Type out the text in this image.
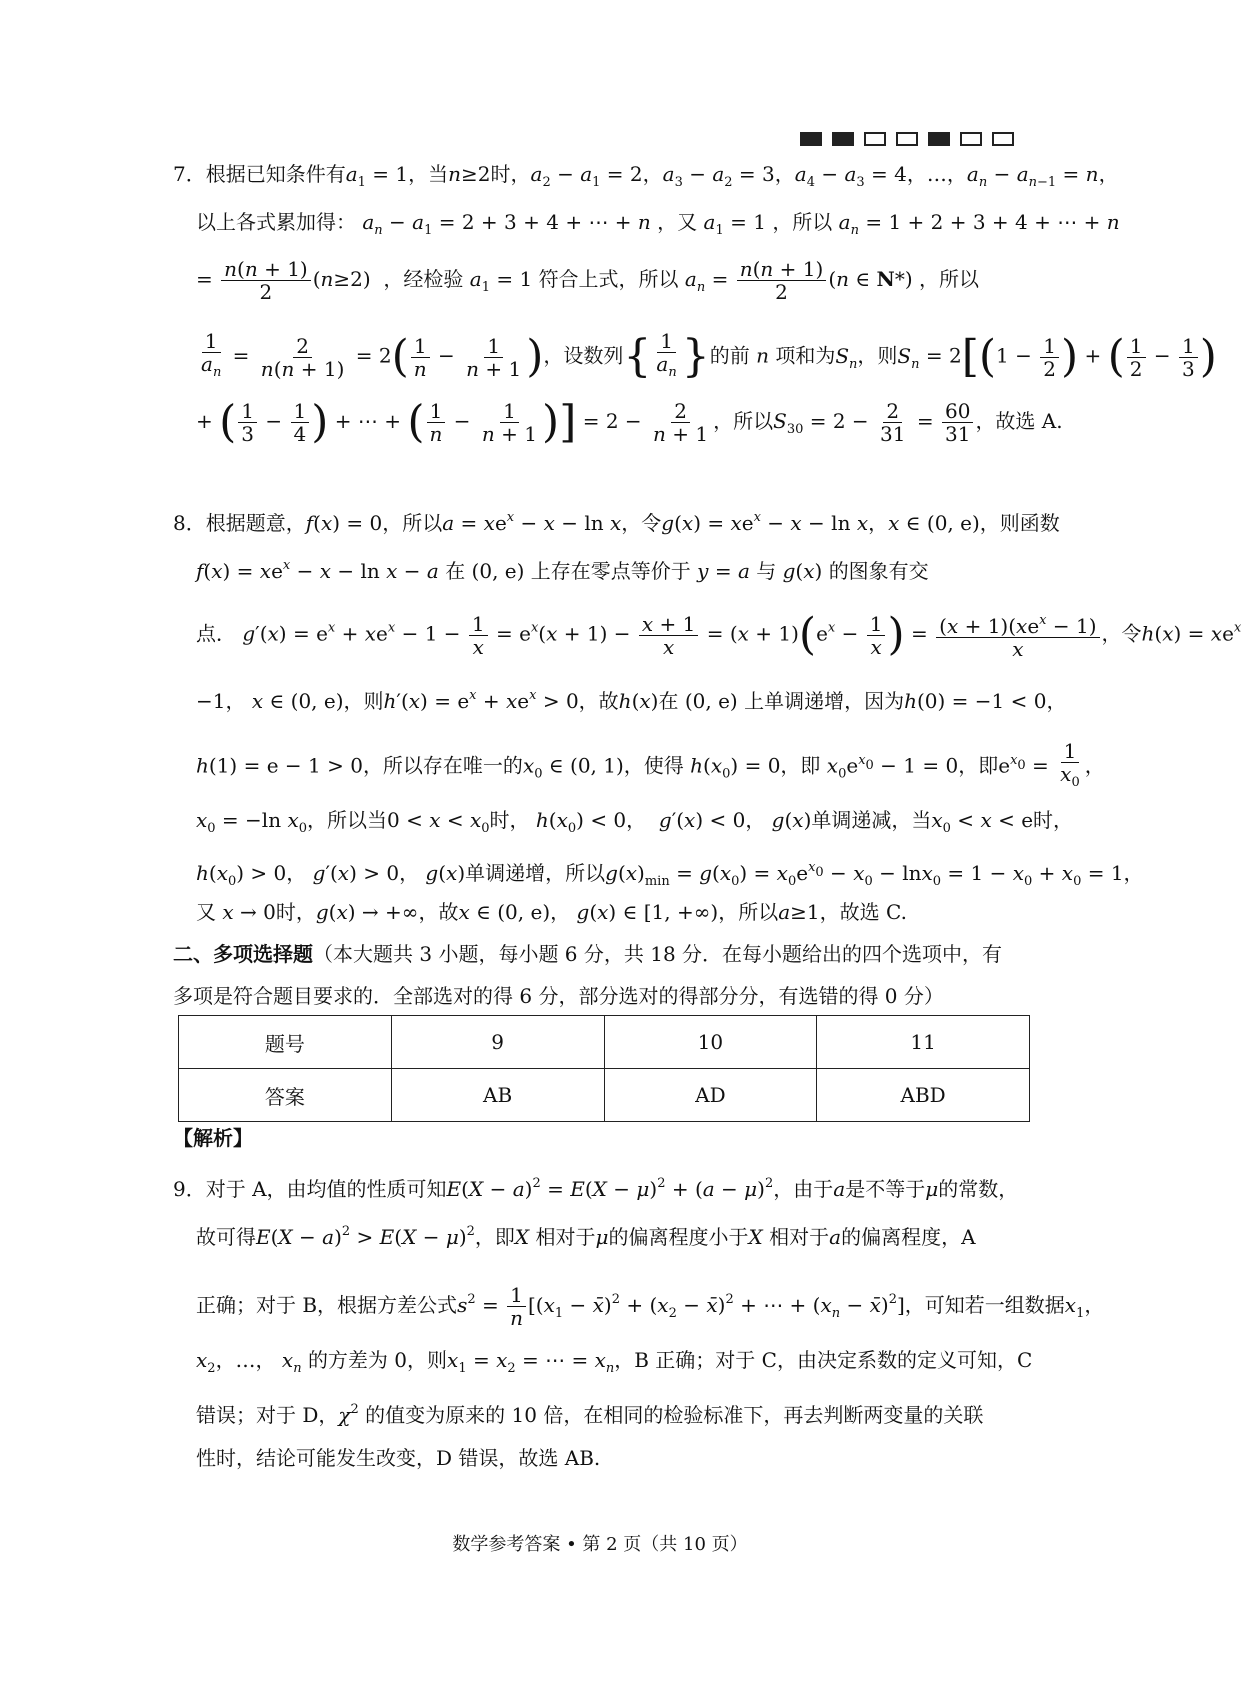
7．根据已知条件有$a_1 = 1$，当n≥2时，$a_2 - a_1 = 2$，$a_3 - a_2 = 3$，$a_4 - a_3 = 4$，…，$a_n - a_{n-1} = n$，
以上各式累加得： $a_n - a_1 = 2 + 3 + 4$ + ⋯ + n ，又 $a_1 = 1$ ，所以 $a_n = 1 + 2 + 3 + 4$ + ⋯ + n
= $\frac{n(n + 1)}{2} (n\ge 2)$  ，经检验 $a_1 = 1$ 符合上式，所以 $a_n = \frac{n(n + 1)}{2} (n$ ∈ N*) ，所以
$\frac{1}{a_n} = \frac{2}{n(n + 1)} = 2( \frac{1}{n} - \frac{1}{n + 1}$ )，设数列{ $\frac{1}{a_n}$ }的前 n 项和为$S_n$，则$S_n = 2[(1 - \frac{1}{2}$ ) + ( $\frac{1}{2} - \frac{1}{3}$ )
+ ( $\frac{1}{3} - \frac{1}{4}$ ) + ⋯ + ( $\frac{1}{n} - \frac{1}{n + 1}$ )] = $2 - \frac{2}{n + 1}$ ，所以$S_{30} = 2 - \frac{2}{31} = \frac{60}{31}$ ，故选 A.
8．根据题意，f(x) = 0，所以$a = xe^x - x - \ln x$，令$g(x) = xe^x - x - \ln x$，x ∈ (0, e)，则函数
$f(x) = xe^x - x - \ln x - a$ 在 (0, e) 上存在零点等价于 y = a 与 g(x) 的图象有交
点． $g'(x) = e^x + xe^x - 1 - \frac{1}{x} = e^x(x + 1) - \frac{x + 1}{x} = (x + 1)(e^x - \frac{1}{x}$ ) = $\frac{(x + 1)(xe^x - 1)}{x}$ ，令$h(x) = xe^x$
−1， x ∈ (0, e)，则$h'(x) = e^x + xe^x > 0$，故h(x)在 (0, e) 上单调递增，因为h(0) = −1 < 0，
h(1) = e − 1 > 0，所以存在唯一的$x_0$ ∈ (0, 1)，使得 $h(x_0) = 0$，即 $x_0e^{x_0} - 1 = 0$，即$e^{x_0} = \frac{1}{x_0}$ ，
$x_0 = -\ln$ $x_0$，所以当$0 < x < x_0$时， $h(x_0) < 0$，  g′(x) < 0， g(x)单调递减，当$x_0 < x < e$时，
$h(x_0) > 0$， g′(x) > 0， g(x)单调递增，所以$g(x)_{min} = g(x_0) = x_0e^{x_0} - x_0 - \ln x_0 = 1 - x_0 + x_0 = 1$，
又 x → 0时，g(x) → +∞，故x ∈ (0, e)， g(x) ∈ [1, +∞)，所以a≥1，故选 C.
二、多项选择题（本大题共 3 小题，每小题 6 分，共 18 分．在每小题给出的四个选项中，有
多项是符合题目要求的．全部选对的得 6 分，部分选对的得部分分，有选错的得 0 分）
题号	9	10	11
答案	AB	AD	ABD
【解析】
9．对于 A，由均值的性质可知$E(X - a)^2 = E(X - \mu)^2 + (a - \mu)^2$，由于a是不等于μ的常数，
故可得$E(X - a)^2 > E(X - \mu)^2$，即X 相对于μ的偏离程度小于X 相对于a的偏离程度，A
正确；对于 B，根据方差公式$s^2 = \frac{1}{n} [(x_1$ − x̄)$^2$ + ($x_2$ − x̄)$^2$ + ⋯ + ($x_n$ − x̄)$^2$]，可知若一组数据$x_1$，
$x_2$，…， $x_n$ 的方差为 0，则$x_1 = x_2$ = ⋯ = $x_n$，B 正确；对于 C，由决定系数的定义可知，C
错误；对于 D，$\chi^2$ 的值变为原来的 10 倍，在相同的检验标准下，再去判断两变量的关联
性时，结论可能发生改变，D 错误，故选 AB.
数学参考答案 • 第 2 页（共 10 页）
